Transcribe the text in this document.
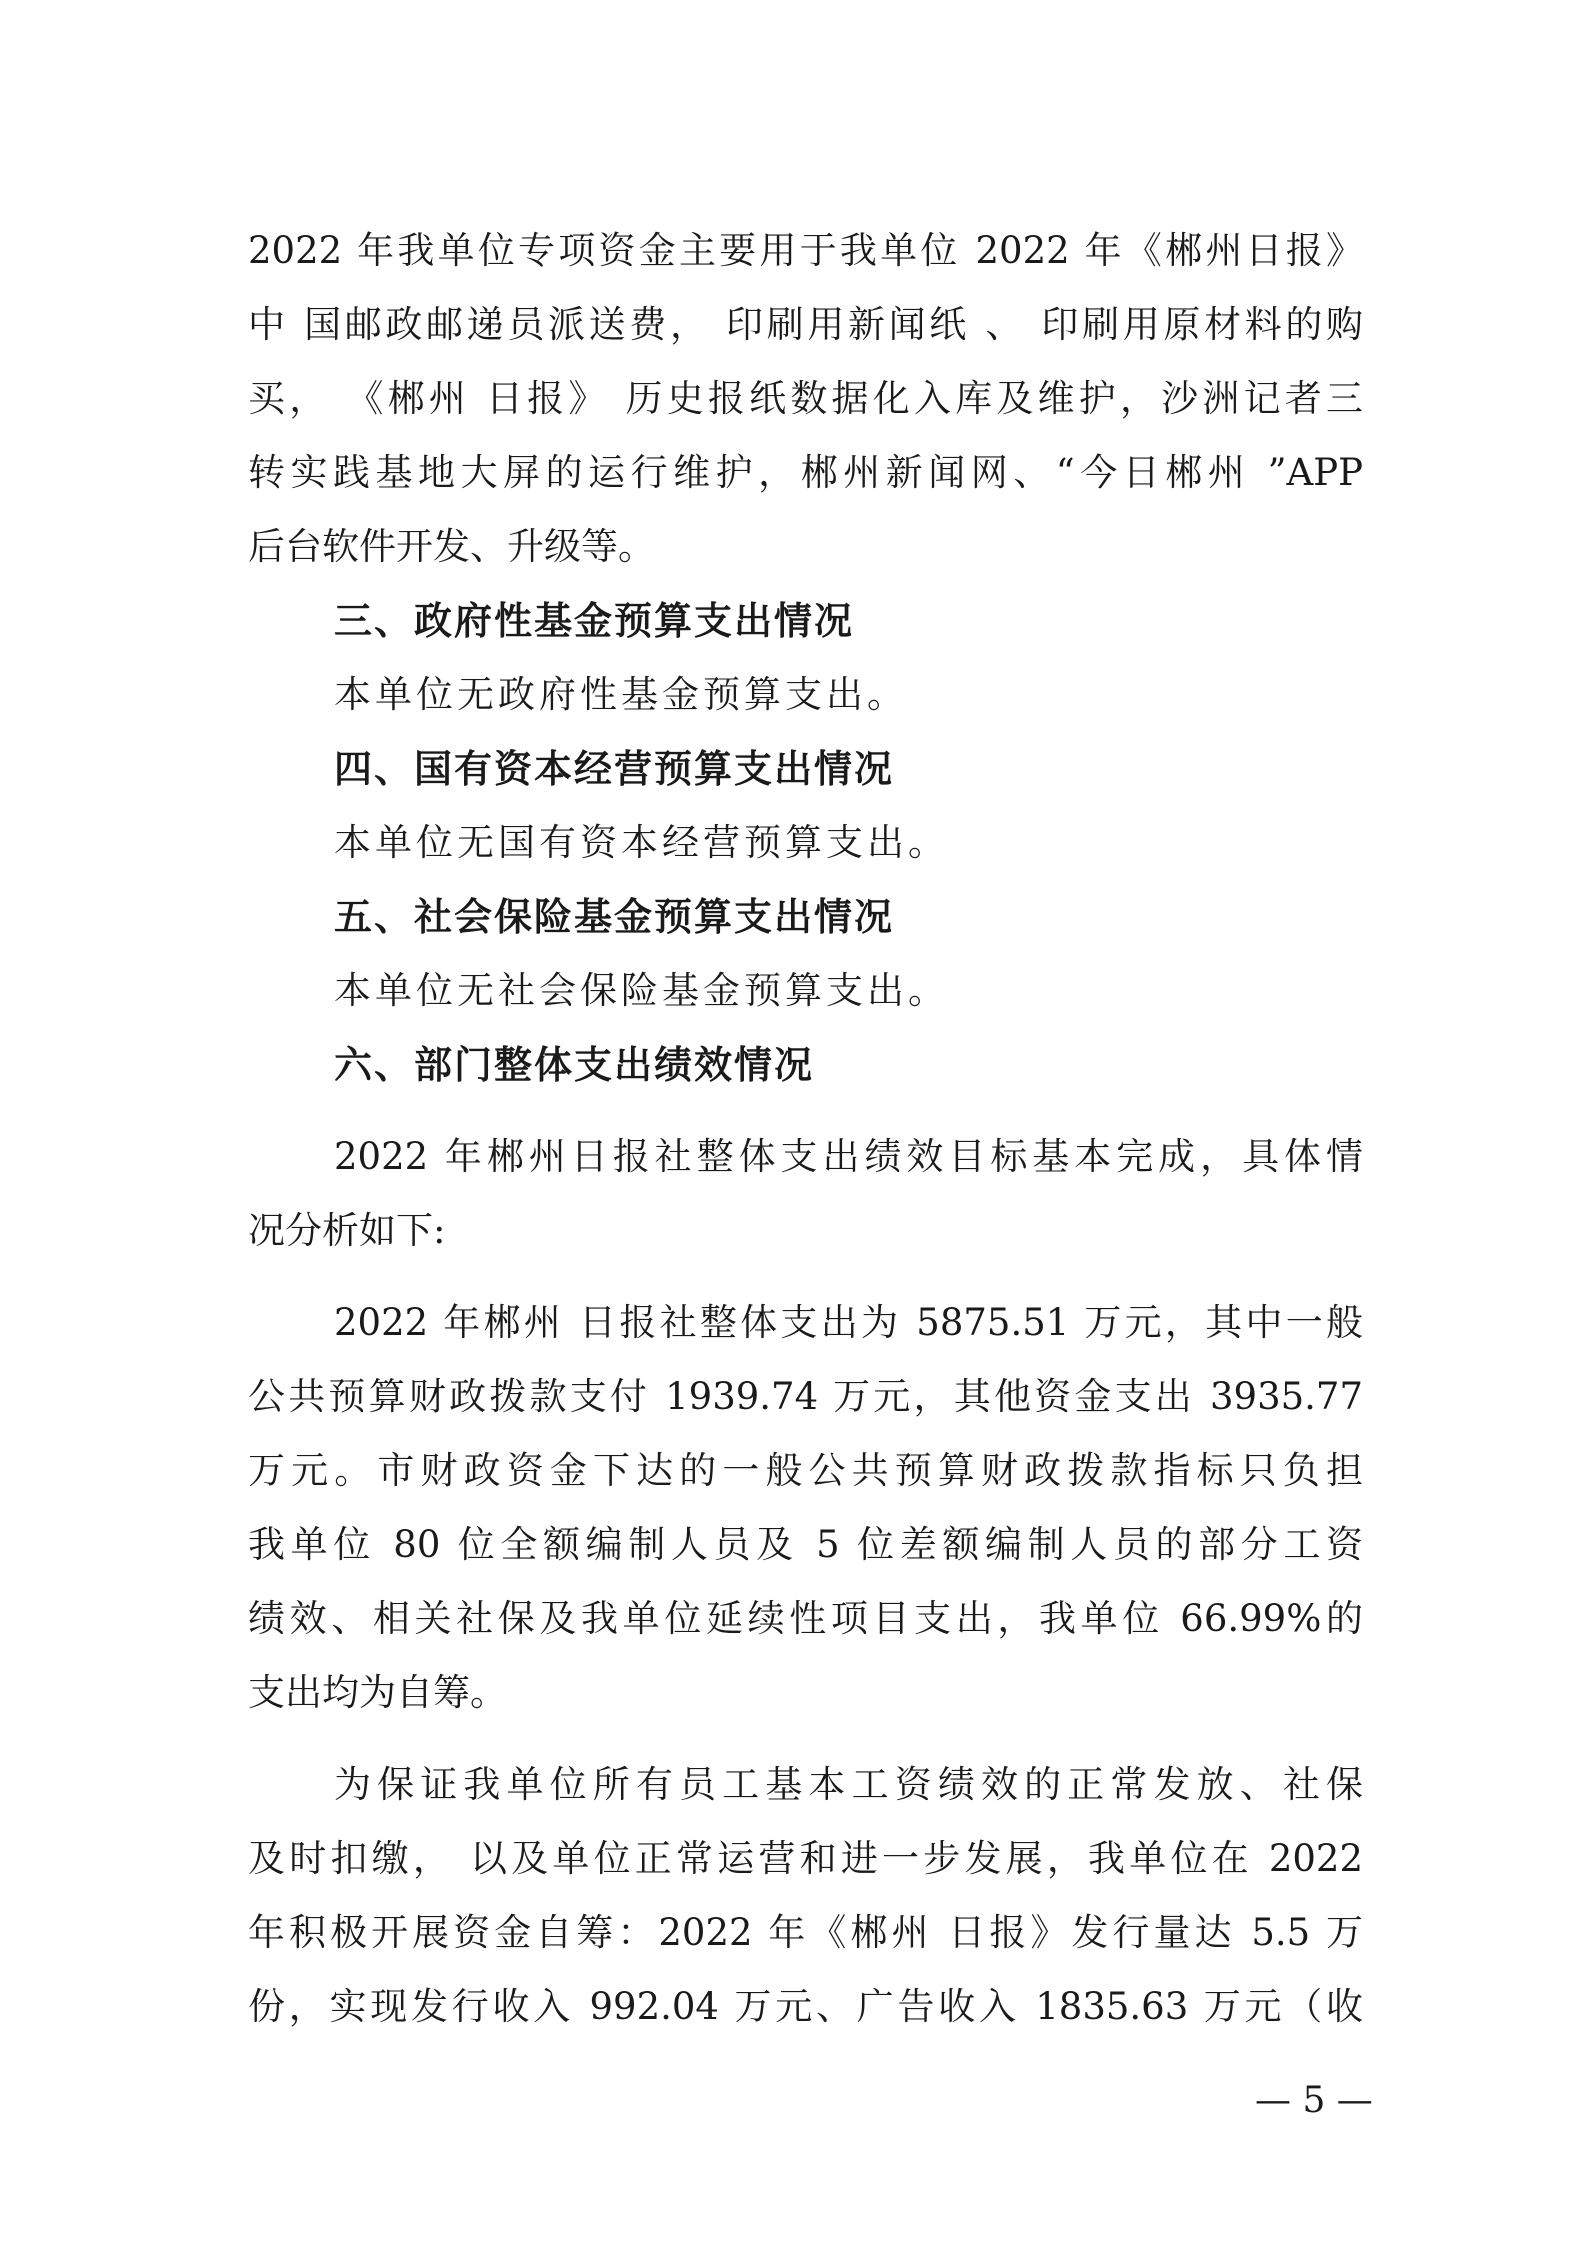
2022 年我单位专项资金主要用于我单位 2022 年《郴州日报》
中 国邮政邮递员派送费， 印刷用新闻纸 、 印刷用原材料的购
买， 《郴州 日报》 历史报纸数据化入库及维护，沙洲记者三
转实践基地大屏的运行维护，郴州新闻网、“今日郴州 ”APP
后台软件开发、升级等。
三、政府性基金预算支出情况
本单位无政府性基金预算支出。
四、国有资本经营预算支出情况
本单位无国有资本经营预算支出。
五、社会保险基金预算支出情况
本单位无社会保险基金预算支出。
六、部门整体支出绩效情况
2022 年郴州日报社整体支出绩效目标基本完成，具体情
况分析如下:
2022 年郴州 日报社整体支出为 5875.51 万元，其中一般
公共预算财政拨款支付 1939.74 万元，其他资金支出 3935.77
万元。市财政资金下达的一般公共预算财政拨款指标只负担
我单位 80 位全额编制人员及 5 位差额编制人员的部分工资
绩效、相关社保及我单位延续性项目支出，我单位 66.99%的
支出均为自筹。
为保证我单位所有员工基本工资绩效的正常发放、社保
及时扣缴， 以及单位正常运营和进一步发展，我单位在 2022
年积极开展资金自筹：2022 年《郴州 日报》发行量达 5.5 万
份，实现发行收入 992.04 万元、广告收入 1835.63 万元（收
— 5 —
